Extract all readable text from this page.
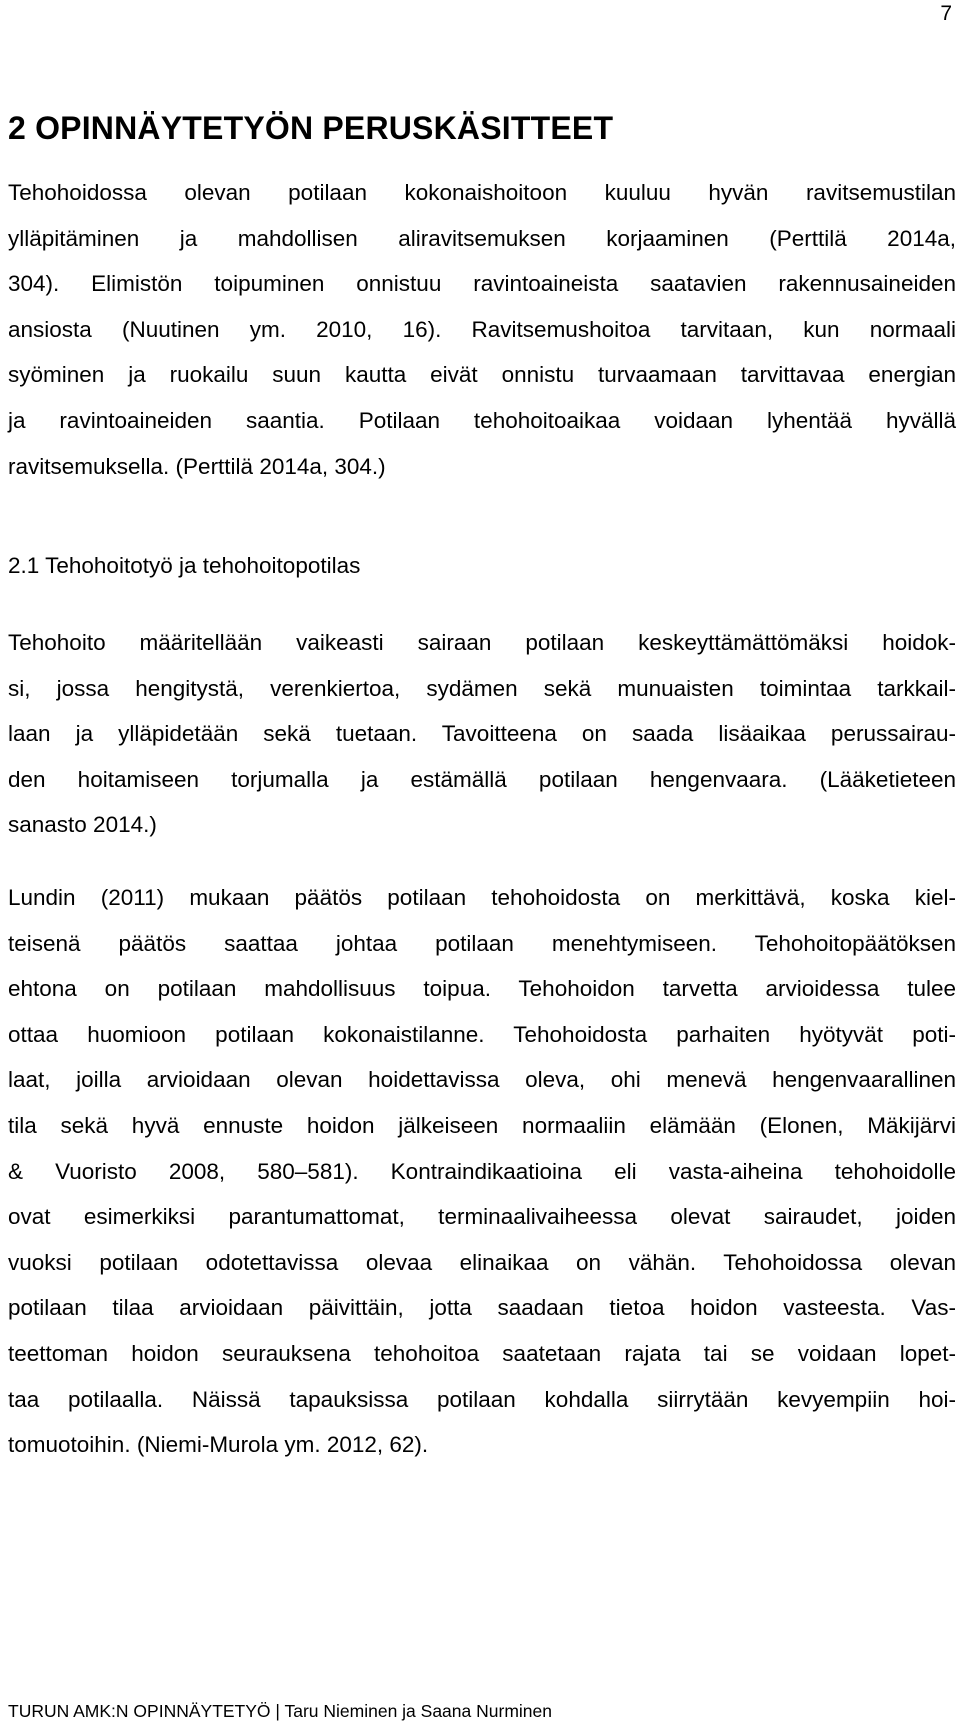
7
2 OPINNÄYTETYÖN PERUSKÄSITTEET

Tehohoidossa olevan potilaan kokonaishoitoon kuuluu hyvän ravitsemustilan
ylläpitäminen ja mahdollisen aliravitsemuksen korjaaminen (Perttilä 2014a,
304). Elimistön toipuminen onnistuu ravintoaineista saatavien rakennusaineiden
ansiosta (Nuutinen ym. 2010, 16). Ravitsemushoitoa tarvitaan, kun normaali
syöminen ja ruokailu suun kautta eivät onnistu turvaamaan tarvittavaa energian
ja ravintoaineiden saantia. Potilaan tehohoitoaikaa voidaan lyhentää hyvällä
ravitsemuksella. (Perttilä 2014a, 304.)

2.1 Tehohoitotyö ja tehohoitopotilas

Tehohoito määritellään vaikeasti sairaan potilaan keskeyttämättömäksi hoidok-
si, jossa hengitystä, verenkiertoa, sydämen sekä munuaisten toimintaa tarkkail-
laan ja ylläpidetään sekä tuetaan. Tavoitteena on saada lisäaikaa perussairau-
den hoitamiseen torjumalla ja estämällä potilaan hengenvaara. (Lääketieteen
sanasto 2014.)

Lundin (2011) mukaan päätös potilaan tehohoidosta on merkittävä, koska kiel-
teisenä päätös saattaa johtaa potilaan menehtymiseen. Tehohoitopäätöksen
ehtona on potilaan mahdollisuus toipua. Tehohoidon tarvetta arvioidessa tulee
ottaa huomioon potilaan kokonaistilanne. Tehohoidosta parhaiten hyötyvät poti-
laat, joilla arvioidaan olevan hoidettavissa oleva, ohi menevä hengenvaarallinen
tila sekä hyvä ennuste hoidon jälkeiseen normaaliin elämään (Elonen, Mäkijärvi
& Vuoristo 2008, 580–581). Kontraindikaatioina eli vasta-aiheina tehohoidolle
ovat esimerkiksi parantumattomat, terminaalivaiheessa olevat sairaudet, joiden
vuoksi potilaan odotettavissa olevaa elinaikaa on vähän. Tehohoidossa olevan
potilaan tilaa arvioidaan päivittäin, jotta saadaan tietoa hoidon vasteesta. Vas-
teettoman hoidon seurauksena tehohoitoa saatetaan rajata tai se voidaan lopet-
taa potilaalla. Näissä tapauksissa potilaan kohdalla siirrytään kevyempiin hoi-
tomuotoihin. (Niemi-Murola ym. 2012, 62).

TURUN AMK:N OPINNÄYTETYÖ | Taru Nieminen ja Saana Nurminen
